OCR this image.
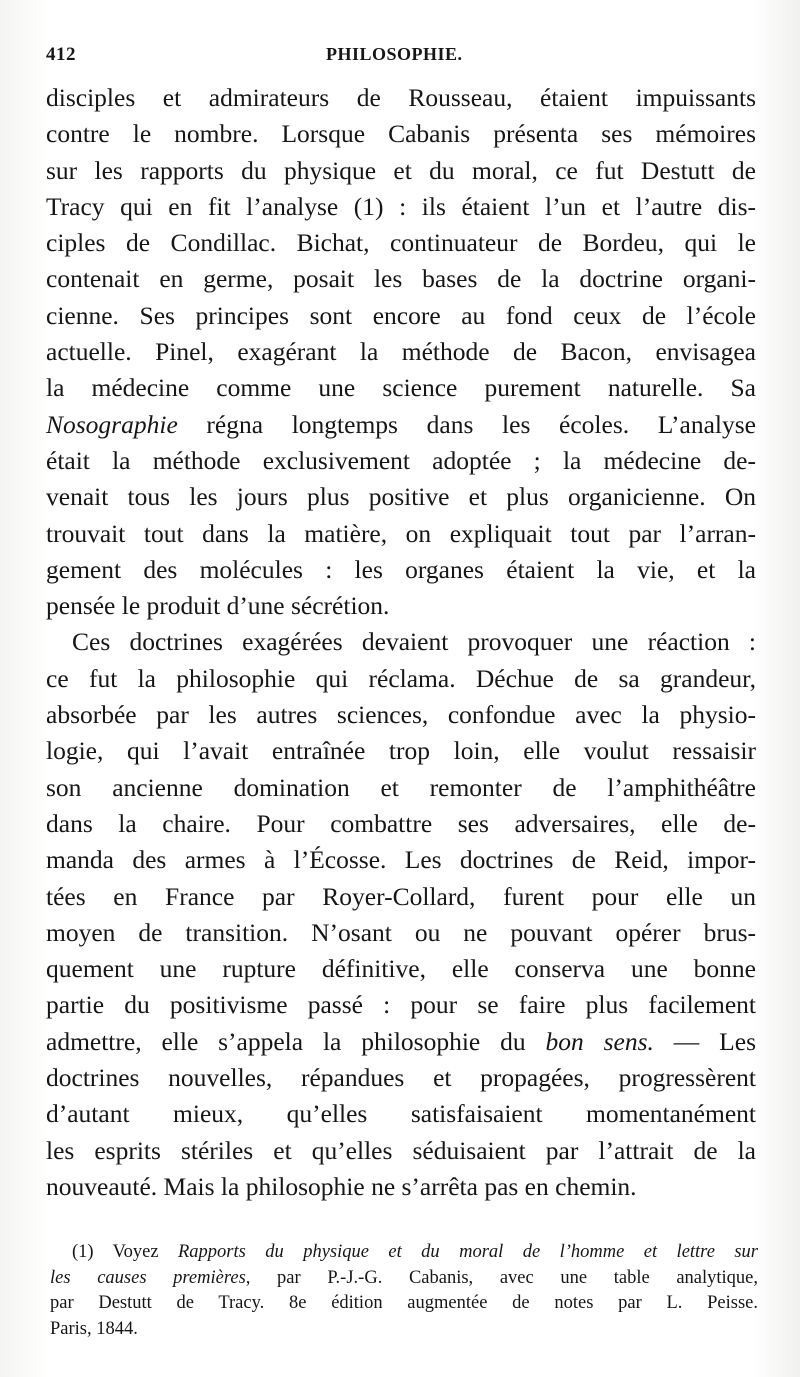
412	PHILOSOPHIE.
disciples et admirateurs de Rousseau, étaient impuissants
contre le nombre. Lorsque Cabanis présenta ses mémoires
sur les rapports du physique et du moral, ce fut Destutt de
Tracy qui en fit l’analyse (1) : ils étaient l’un et l’autre dis-
ciples de Condillac. Bichat, continuateur de Bordeu, qui le
contenait en germe, posait les bases de la doctrine organi-
cienne. Ses principes sont encore au fond ceux de l’école
actuelle. Pinel, exagérant la méthode de Bacon, envisagea
la médecine comme une science purement naturelle. Sa
Nosographie régna longtemps dans les écoles. L’analyse
était la méthode exclusivement adoptée ; la médecine de-
venait tous les jours plus positive et plus organicienne. On
trouvait tout dans la matière, on expliquait tout par l’arran-
gement des molécules : les organes étaient la vie, et la
pensée le produit d’une sécrétion.
Ces doctrines exagérées devaient provoquer une réaction :
ce fut la philosophie qui réclama. Déchue de sa grandeur,
absorbée par les autres sciences, confondue avec la physio-
logie, qui l’avait entraînée trop loin, elle voulut ressaisir
son ancienne domination et remonter de l’amphithéâtre
dans la chaire. Pour combattre ses adversaires, elle de-
manda des armes à l’Écosse. Les doctrines de Reid, impor-
tées en France par Royer-Collard, furent pour elle un
moyen de transition. N’osant ou ne pouvant opérer brus-
quement une rupture définitive, elle conserva une bonne
partie du positivisme passé : pour se faire plus facilement
admettre, elle s’appela la philosophie du bon sens. — Les
doctrines nouvelles, répandues et propagées, progressèrent
d’autant mieux, qu’elles satisfaisaient momentanément
les esprits stériles et qu’elles séduisaient par l’attrait de la
nouveauté. Mais la philosophie ne s’arrêta pas en chemin.
(1) Voyez Rapports du physique et du moral de l’homme et lettre sur
les causes premières, par P.-J.-G. Cabanis, avec une table analytique,
par Destutt de Tracy. 8e édition augmentée de notes par L. Peisse.
Paris, 1844.
